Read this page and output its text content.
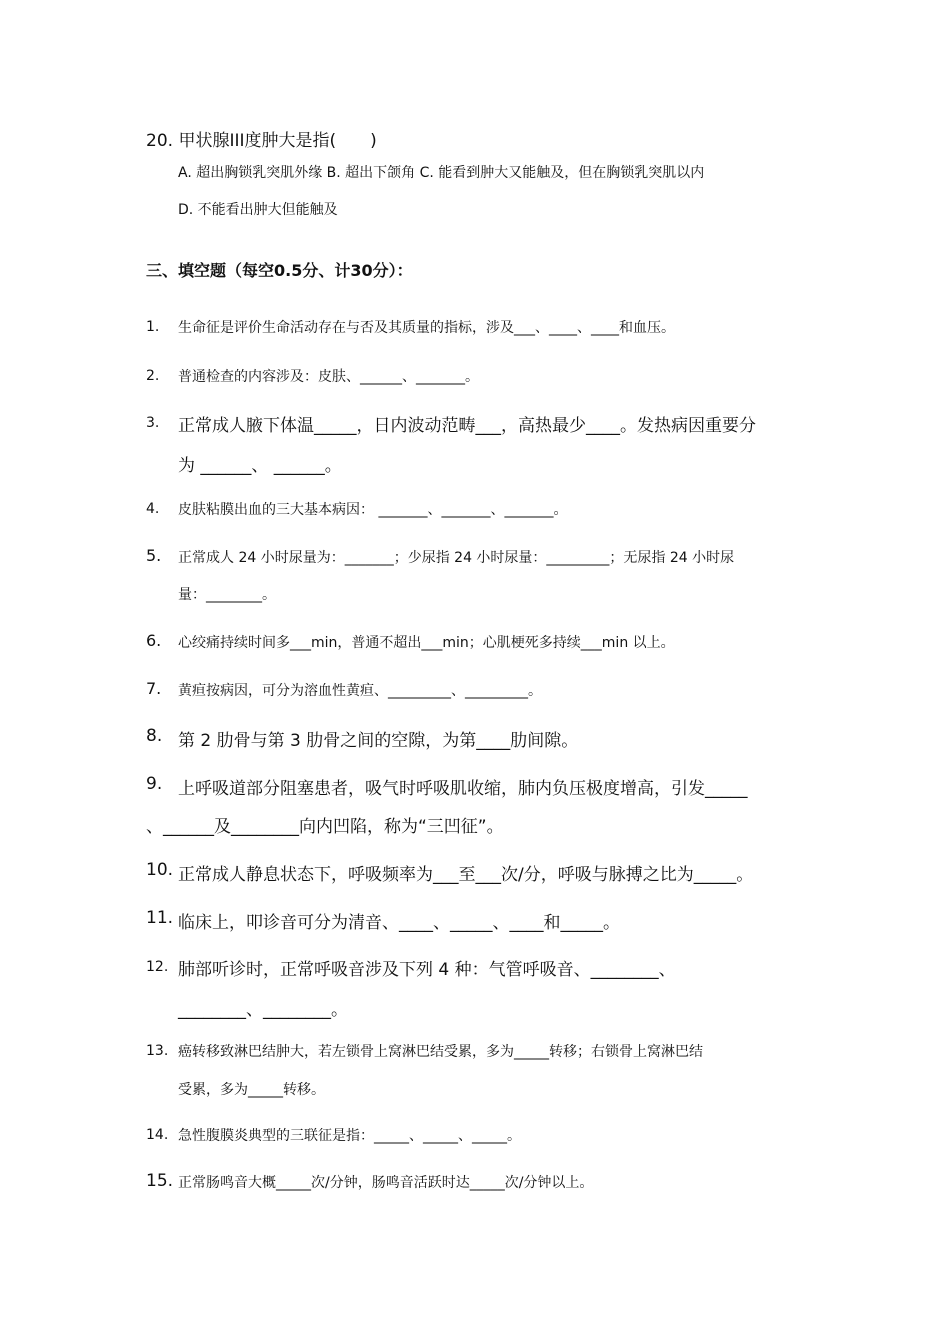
20. 甲状腺III度肿大是指(　　)
A. 超出胸锁乳突肌外缘 B. 超出下颌角 C. 能看到肿大又能触及，但在胸锁乳突肌以内
D. 不能看出肿大但能触及
三、填空题（每空0.5分、计30分）：
1. 生命征是评价生命活动存在与否及其质量的指标，涉及___、____、____和血压。
2. 普通检查的内容涉及：皮肤、______、_______。
3. 正常成人腋下体温_____，日内波动范畴___，高热最少____。发热病因重要分
为 ______、 ______。
4. 皮肤粘膜出血的三大基本病因： _______、_______、_______。
5. 正常成人 24 小时尿量为：_______；少尿指 24 小时尿量：_________；无尿指 24 小时尿
量：________。
6. 心绞痛持续时间多___min，普通不超出___min；心肌梗死多持续___min 以上。
7. 黄疸按病因，可分为溶血性黄疸、_________、_________。
8. 第 2 肋骨与第 3 肋骨之间的空隙，为第____肋间隙。
9. 上呼吸道部分阻塞患者，吸气时呼吸肌收缩，肺内负压极度增高，引发_____
、______及________向内凹陷，称为“三凹征”。
10. 正常成人静息状态下，呼吸频率为___至___次/分，呼吸与脉搏之比为_____。
11. 临床上，叩诊音可分为清音、____、_____、____和_____。
12. 肺部听诊时，正常呼吸音涉及下列 4 种：气管呼吸音、________、
________、________。
13. 癌转移致淋巴结肿大，若左锁骨上窝淋巴结受累，多为_____转移；右锁骨上窝淋巴结
受累，多为_____转移。
14. 急性腹膜炎典型的三联征是指：_____、_____、_____。
15. 正常肠鸣音大概_____次/分钟，肠鸣音活跃时达_____次/分钟以上。
